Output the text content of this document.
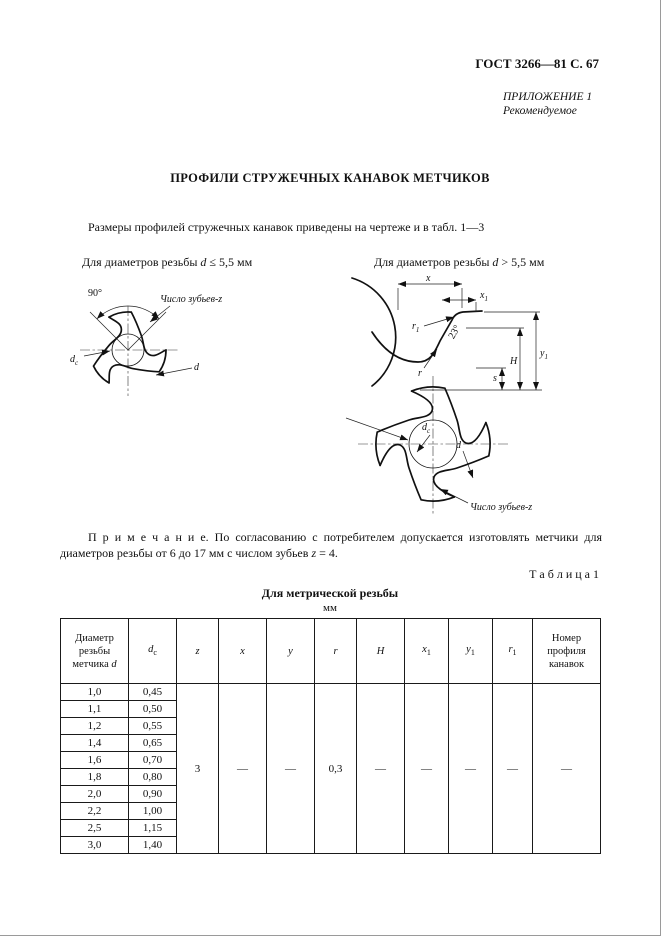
ГОСТ 3266—81 С. 67
ПРИЛОЖЕНИЕ 1
Рекомендуемое
ПРОФИЛИ СТРУЖЕЧНЫХ КАНАВОК МЕТЧИКОВ
Размеры профилей стружечных канавок приведены на чертеже и в табл. 1—3
Для диаметров резьбы d ≤ 5,5 мм	Для диаметров резьбы d > 5,5 мм
90°
Число зубьев-z
$d_c$	d
x
$x_1$
$r_1$	23°
r	s
H
$y_1$
$d_c$
d
Число зубьев-z
П р и м е ч а н и е. По согласованию с потребителем допускается изготовлять метчики для диаметров резьбы от 6 до 17 мм с числом зубьев z = 4.
Т а б л и ц а 1
Для метрической резьбы
мм
Диаметр
резьбы
метчика d	$d_c$	z	x	y	r	H	$x_1$	$y_1$	$r_1$	Номер
профиля
канавок
1,0	0,45	3	—	—	0,3	—	—	—	—	—
1,1	0,50									
1,2	0,55									
1,4	0,65									
1,6	0,70									
1,8	0,80									
2,0	0,90									
2,2	1,00									
2,5	1,15									
3,0	1,40									
